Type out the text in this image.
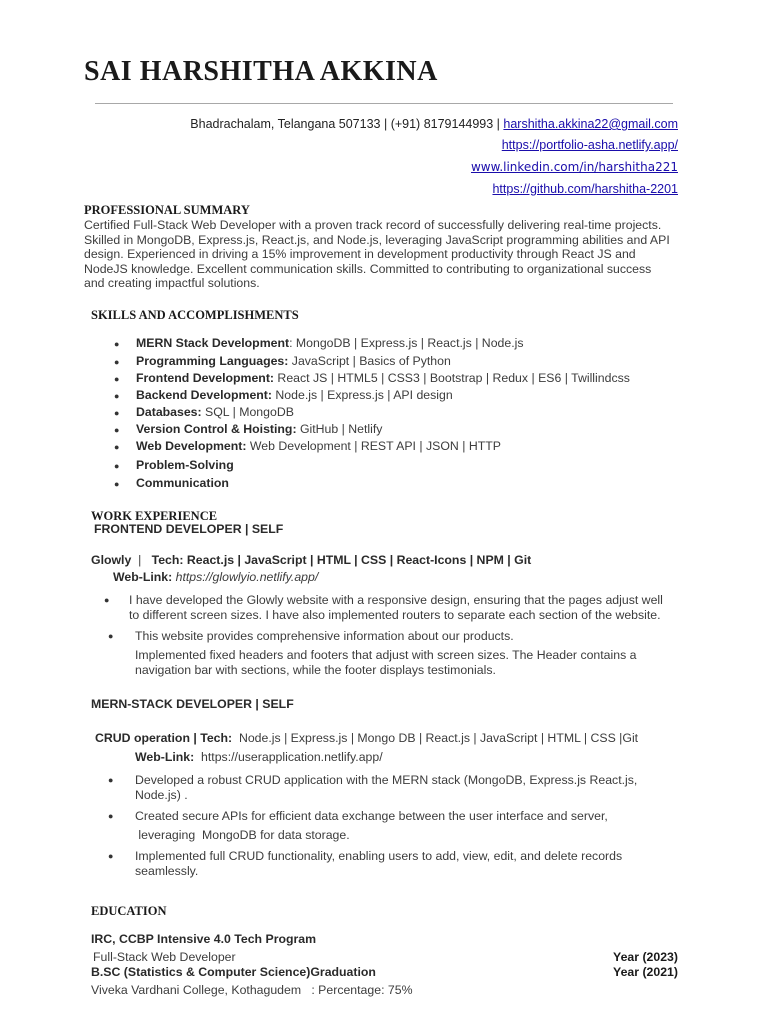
SAI HARSHITHA AKKINA
Bhadrachalam, Telangana 507133 | (+91) 8179144993 | harshitha.akkina22@gmail.com
https://portfolio-asha.netlify.app/
www.linkedin.com/in/harshitha221
https://github.com/harshitha-2201
PROFESSIONAL SUMMARY
Certified Full-Stack Web Developer with a proven track record of successfully delivering real-time projects.
Skilled in MongoDB, Express.js, React.js, and Node.js, leveraging JavaScript programming abilities and API
design. Experienced in driving a 15% improvement in development productivity through React JS and
NodeJS knowledge. Excellent communication skills. Committed to contributing to organizational success
and creating impactful solutions.
SKILLS AND ACCOMPLISHMENTS
● MERN Stack Development: MongoDB | Express.js | React.js | Node.js
● Programming Languages: JavaScript | Basics of Python
● Frontend Development: React JS | HTML5 | CSS3 | Bootstrap | Redux | ES6 | Twillindcss
● Backend Development: Node.js | Express.js | API design
● Databases: SQL | MongoDB
● Version Control & Hoisting: GitHub | Netlify
● Web Development: Web Development | REST API | JSON | HTTP
● Problem-Solving
● Communication
WORK EXPERIENCE
FRONTEND DEVELOPER | SELF
Glowly  |   Tech: React.js | JavaScript | HTML | CSS | React-Icons | NPM | Git
Web-Link: https://glowlyio.netlify.app/
● I have developed the Glowly website with a responsive design, ensuring that the pages adjust well
to different screen sizes. I have also implemented routers to separate each section of the website.
●	This website provides comprehensive information about our products.
Implemented fixed headers and footers that adjust with screen sizes. The Header contains a
navigation bar with sections, while the footer displays testimonials.
MERN-STACK DEVELOPER | SELF
CRUD operation | Tech:  Node.js | Express.js | Mongo DB | React.js | JavaScript | HTML | CSS |Git
Web-Link:  https://userapplication.netlify.app/
● Developed a robust CRUD application with the MERN stack (MongoDB, Express.js React.js,
Node.js) .
● Created secure APIs for efficient data exchange between the user interface and server,
leveraging  MongoDB for data storage.
● Implemented full CRUD functionality, enabling users to add, view, edit, and delete records
seamlessly.
EDUCATION
IRC, CCBP Intensive 4.0 Tech Program
Full-Stack Web Developer	Year (2023)
B.SC (Statistics & Computer Science)Graduation	Year (2021)
Viveka Vardhani College, Kothagudem   : Percentage: 75%
